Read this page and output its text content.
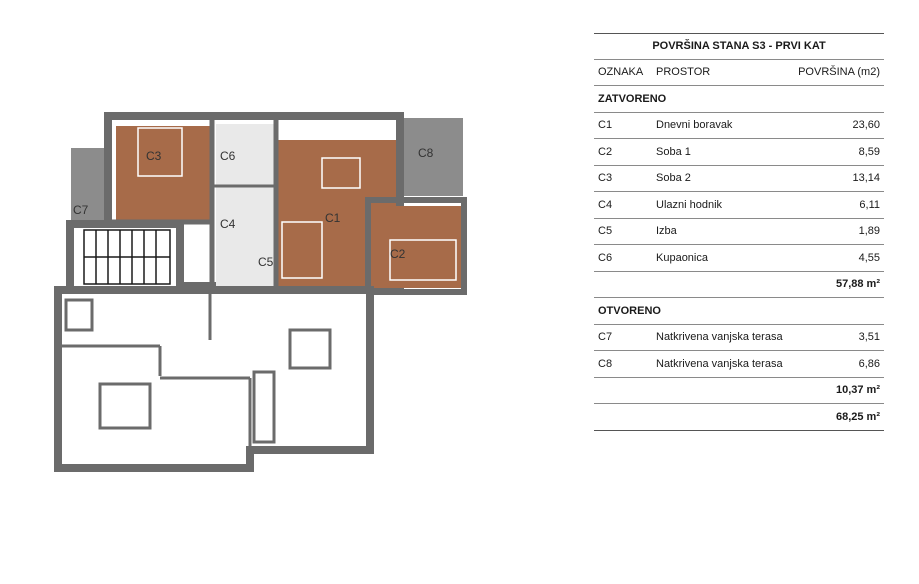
C3	C6	C8
C7
C4	C1
C2
C5
POVRŠINA STANA S3 - PRVI KAT
OZNAKA	PROSTOR	POVRŠINA (m2)
ZATVORENO
C1	Dnevni boravak	23,60
C2	Soba 1	8,59
C3	Soba 2	13,14
C4	Ulazni hodnik	6,11
C5	Izba	1,89
C6	Kupaonica	4,55
57,88 m²
OTVORENO
C7	Natkrivena vanjska terasa	3,51
C8	Natkrivena vanjska terasa	6,86
10,37 m²
68,25 m²
